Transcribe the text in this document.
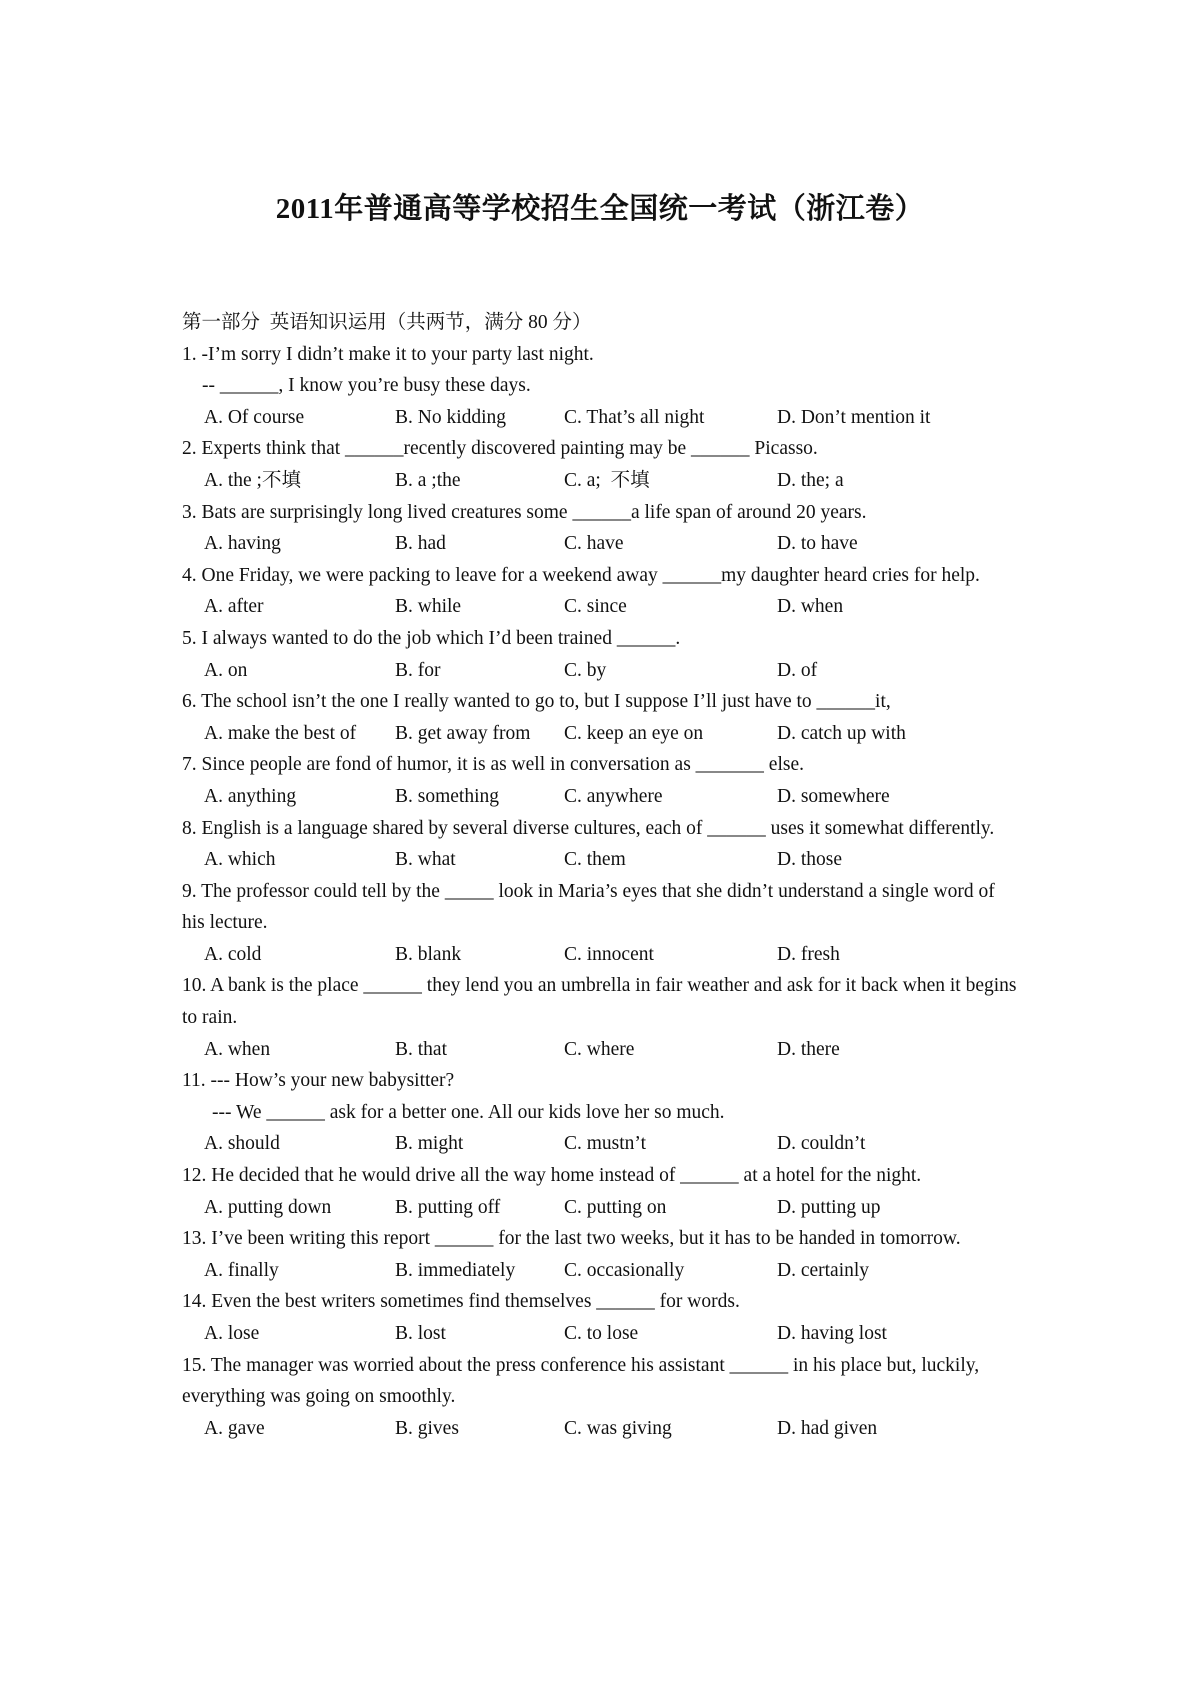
2011年普通高等学校招生全国统一考试（浙江卷）
第一部分  英语知识运用（共两节，满分 80 分）
1. -I’m sorry I didn’t make it to your party last night.
-- ______, I know you’re busy these days.
A. Of course	B. No kidding	C. That’s all night	D. Don’t mention it
2. Experts think that ______recently discovered painting may be ______ Picasso.
A. the ;不填	B. a ;the	C. a;  不填	D. the; a
3. Bats are surprisingly long lived creatures some ______a life span of around 20 years.
A. having	B. had	C. have	D. to have
4. One Friday, we were packing to leave for a weekend away ______my daughter heard cries for help.
A. after	B. while	C. since	D. when
5. I always wanted to do the job which I’d been trained ______.
A. on	B. for	C. by	D. of
6. The school isn’t the one I really wanted to go to, but I suppose I’ll just have to ______it,
A. make the best of	B. get away from	C. keep an eye on	D. catch up with
7. Since people are fond of humor, it is as well in conversation as _______ else.
A. anything	B. something	C. anywhere	D. somewhere
8. English is a language shared by several diverse cultures, each of ______ uses it somewhat differently.
A. which	B. what	C. them	D. those
9. The professor could tell by the _____ look in Maria’s eyes that she didn’t understand a single word of his lecture.
A. cold	B. blank	C. innocent	D. fresh
10. A bank is the place ______ they lend you an umbrella in fair weather and ask for it back when it begins to rain.
A. when	B. that	C. where	D. there
11. --- How’s your new babysitter?
--- We ______ ask for a better one. All our kids love her so much.
A. should	B. might	C. mustn’t	D. couldn’t
12. He decided that he would drive all the way home instead of ______ at a hotel for the night.
A. putting down	B. putting off	C. putting on	D. putting up
13. I’ve been writing this report ______ for the last two weeks, but it has to be handed in tomorrow.
A. finally	B. immediately	C. occasionally	D. certainly
14. Even the best writers sometimes find themselves ______ for words.
A. lose	B. lost	C. to lose	D. having lost
15. The manager was worried about the press conference his assistant ______ in his place but, luckily, everything was going on smoothly.
A. gave	B. gives	C. was giving	D. had given
